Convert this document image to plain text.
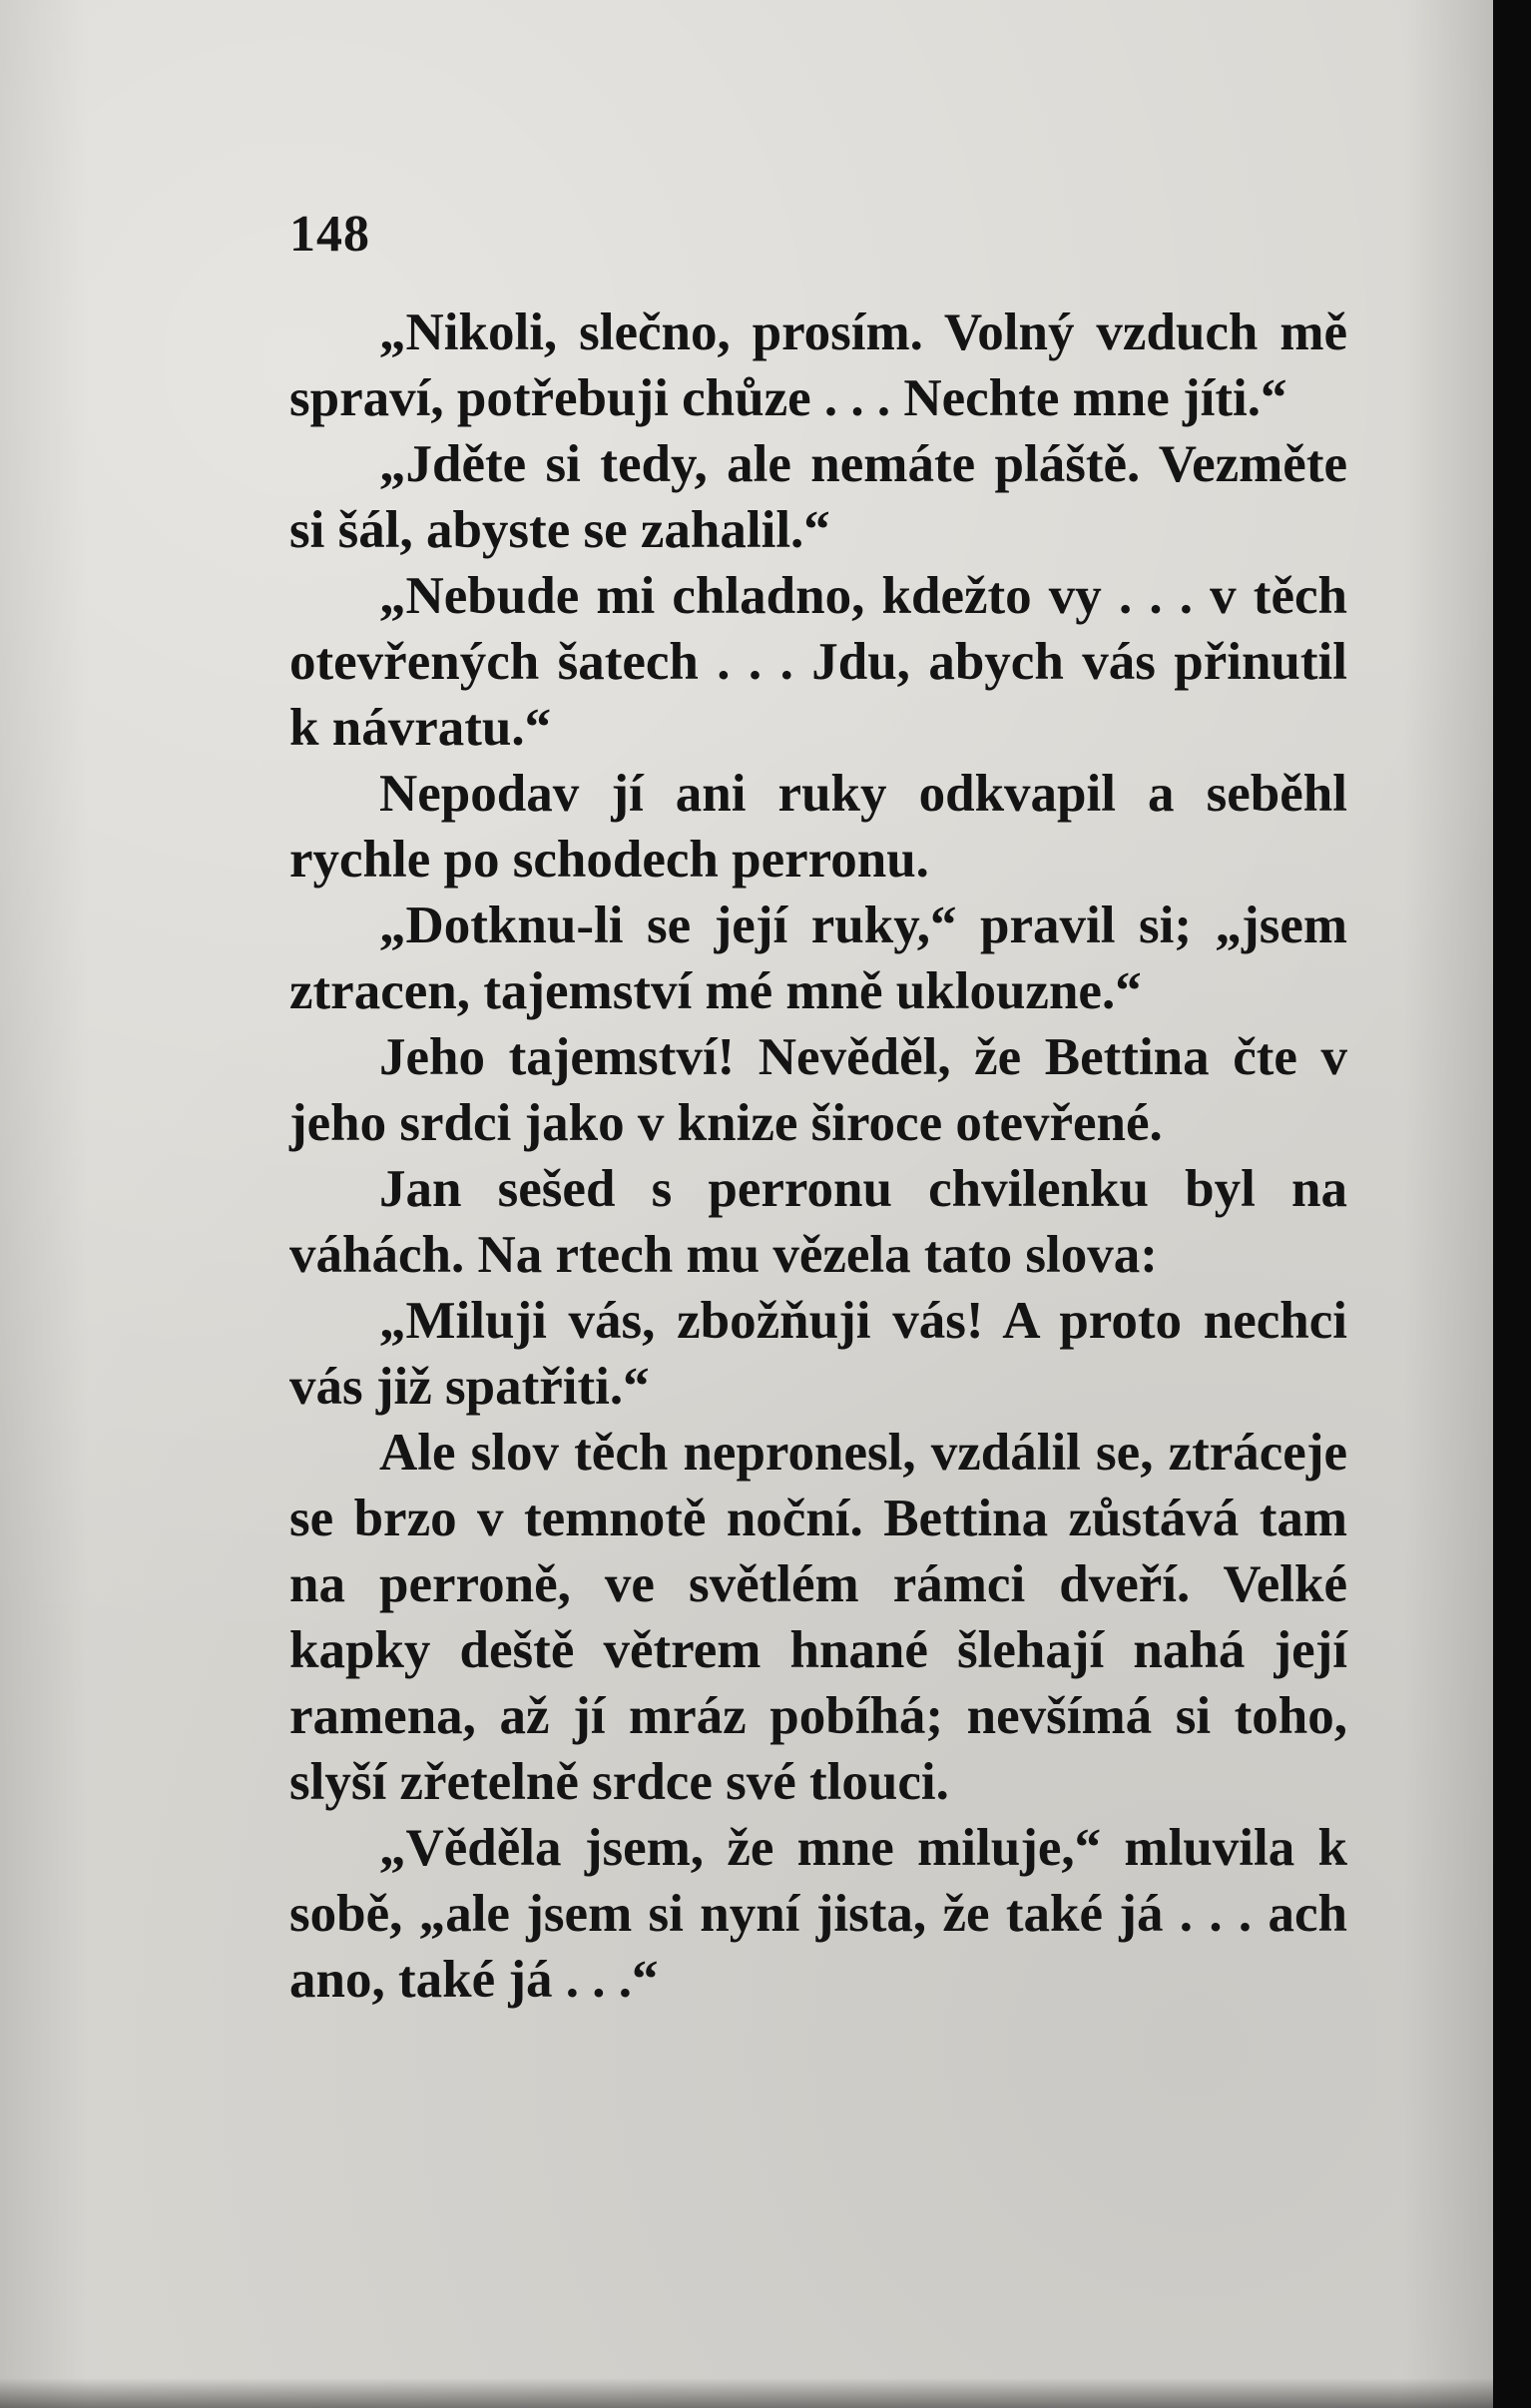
148

„Nikoli, slečno, prosím. Volný vzduch mě spraví, potřebuji chůze . . . Nechte mne jíti.“

„Jděte si tedy, ale nemáte pláště. Vezměte si šál, abyste se zahalil.“

„Nebude mi chladno, kdežto vy . . . v těch otevřených šatech . . . Jdu, abych vás přinutil k návratu.“

Nepodav jí ani ruky odkvapil a seběhl rychle po schodech perronu.

„Dotknu-li se její ruky,“ pravil si; „jsem ztracen, tajemství mé mně uklouzne.“

Jeho tajemství! Nevěděl, že Bettina čte v jeho srdci jako v knize široce otevřené.

Jan sešed s perronu chvilenku byl na váhách. Na rtech mu vězela tato slova:

„Miluji vás, zbožňuji vás! A proto nechci vás již spatřiti.“

Ale slov těch nepronesl, vzdálil se, ztráceje se brzo v temnotě noční. Bettina zůstává tam na perroně, ve světlém rámci dveří. Velké kapky deště větrem hnané šlehají nahá její ramena, až jí mráz pobíhá; nevšímá si toho, slyší zřetelně srdce své tlouci.

„Věděla jsem, že mne miluje,“ mluvila k sobě, „ale jsem si nyní jista, že také já . . . ach ano, také já . . .“
